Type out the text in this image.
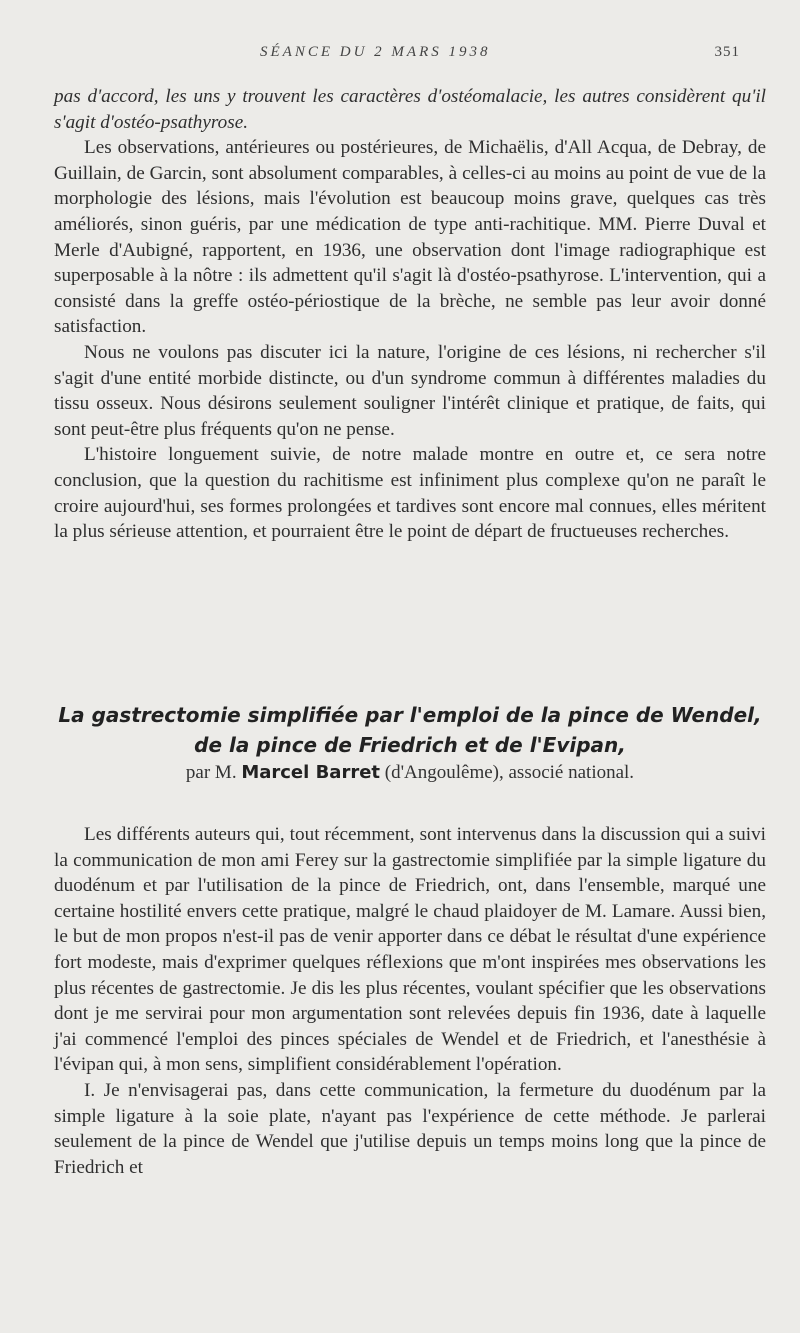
SÉANCE DU 2 MARS 1938	351

pas d'accord, les uns y trouvent les caractères d'ostéomalacie, les autres considèrent qu'il s'agit d'ostéo-psathyrose.

Les observations, antérieures ou postérieures, de Michaëlis, d'All Acqua, de Debray, de Guillain, de Garcin, sont absolument comparables, à celles-ci au moins au point de vue de la morphologie des lésions, mais l'évolution est beaucoup moins grave, quelques cas très améliorés, sinon guéris, par une médication de type anti-rachitique. MM. Pierre Duval et Merle d'Aubigné, rapportent, en 1936, une observation dont l'image radiographique est superposable à la nôtre : ils admettent qu'il s'agit là d'ostéo-psathyrose. L'intervention, qui a consisté dans la greffe ostéo-périostique de la brèche, ne semble pas leur avoir donné satisfaction.

Nous ne voulons pas discuter ici la nature, l'origine de ces lésions, ni rechercher s'il s'agit d'une entité morbide distincte, ou d'un syndrome commun à différentes maladies du tissu osseux. Nous désirons seulement souligner l'intérêt clinique et pratique, de faits, qui sont peut-être plus fréquents qu'on ne pense.

L'histoire longuement suivie, de notre malade montre en outre et, ce sera notre conclusion, que la question du rachitisme est infiniment plus complexe qu'on ne paraît le croire aujourd'hui, ses formes prolongées et tardives sont encore mal connues, elles méritent la plus sérieuse attention, et pourraient être le point de départ de fructueuses recherches.

La gastrectomie simplifiée par l'emploi de la pince de Wendel,
de la pince de Friedrich et de l'Evipan,
par M. Marcel Barret (d'Angoulême), associé national.

Les différents auteurs qui, tout récemment, sont intervenus dans la discussion qui a suivi la communication de mon ami Ferey sur la gastrectomie simplifiée par la simple ligature du duodénum et par l'utilisation de la pince de Friedrich, ont, dans l'ensemble, marqué une certaine hostilité envers cette pratique, malgré le chaud plaidoyer de M. Lamare. Aussi bien, le but de mon propos n'est-il pas de venir apporter dans ce débat le résultat d'une expérience fort modeste, mais d'exprimer quelques réflexions que m'ont inspirées mes observations les plus récentes de gastrectomie. Je dis les plus récentes, voulant spécifier que les observations dont je me servirai pour mon argumentation sont relevées depuis fin 1936, date à laquelle j'ai commencé l'emploi des pinces spéciales de Wendel et de Friedrich, et l'anesthésie à l'évipan qui, à mon sens, simplifient considérablement l'opération.

I. Je n'envisagerai pas, dans cette communication, la fermeture du duodénum par la simple ligature à la soie plate, n'ayant pas l'expérience de cette méthode. Je parlerai seulement de la pince de Wendel que j'utilise depuis un temps moins long que la pince de Friedrich et
